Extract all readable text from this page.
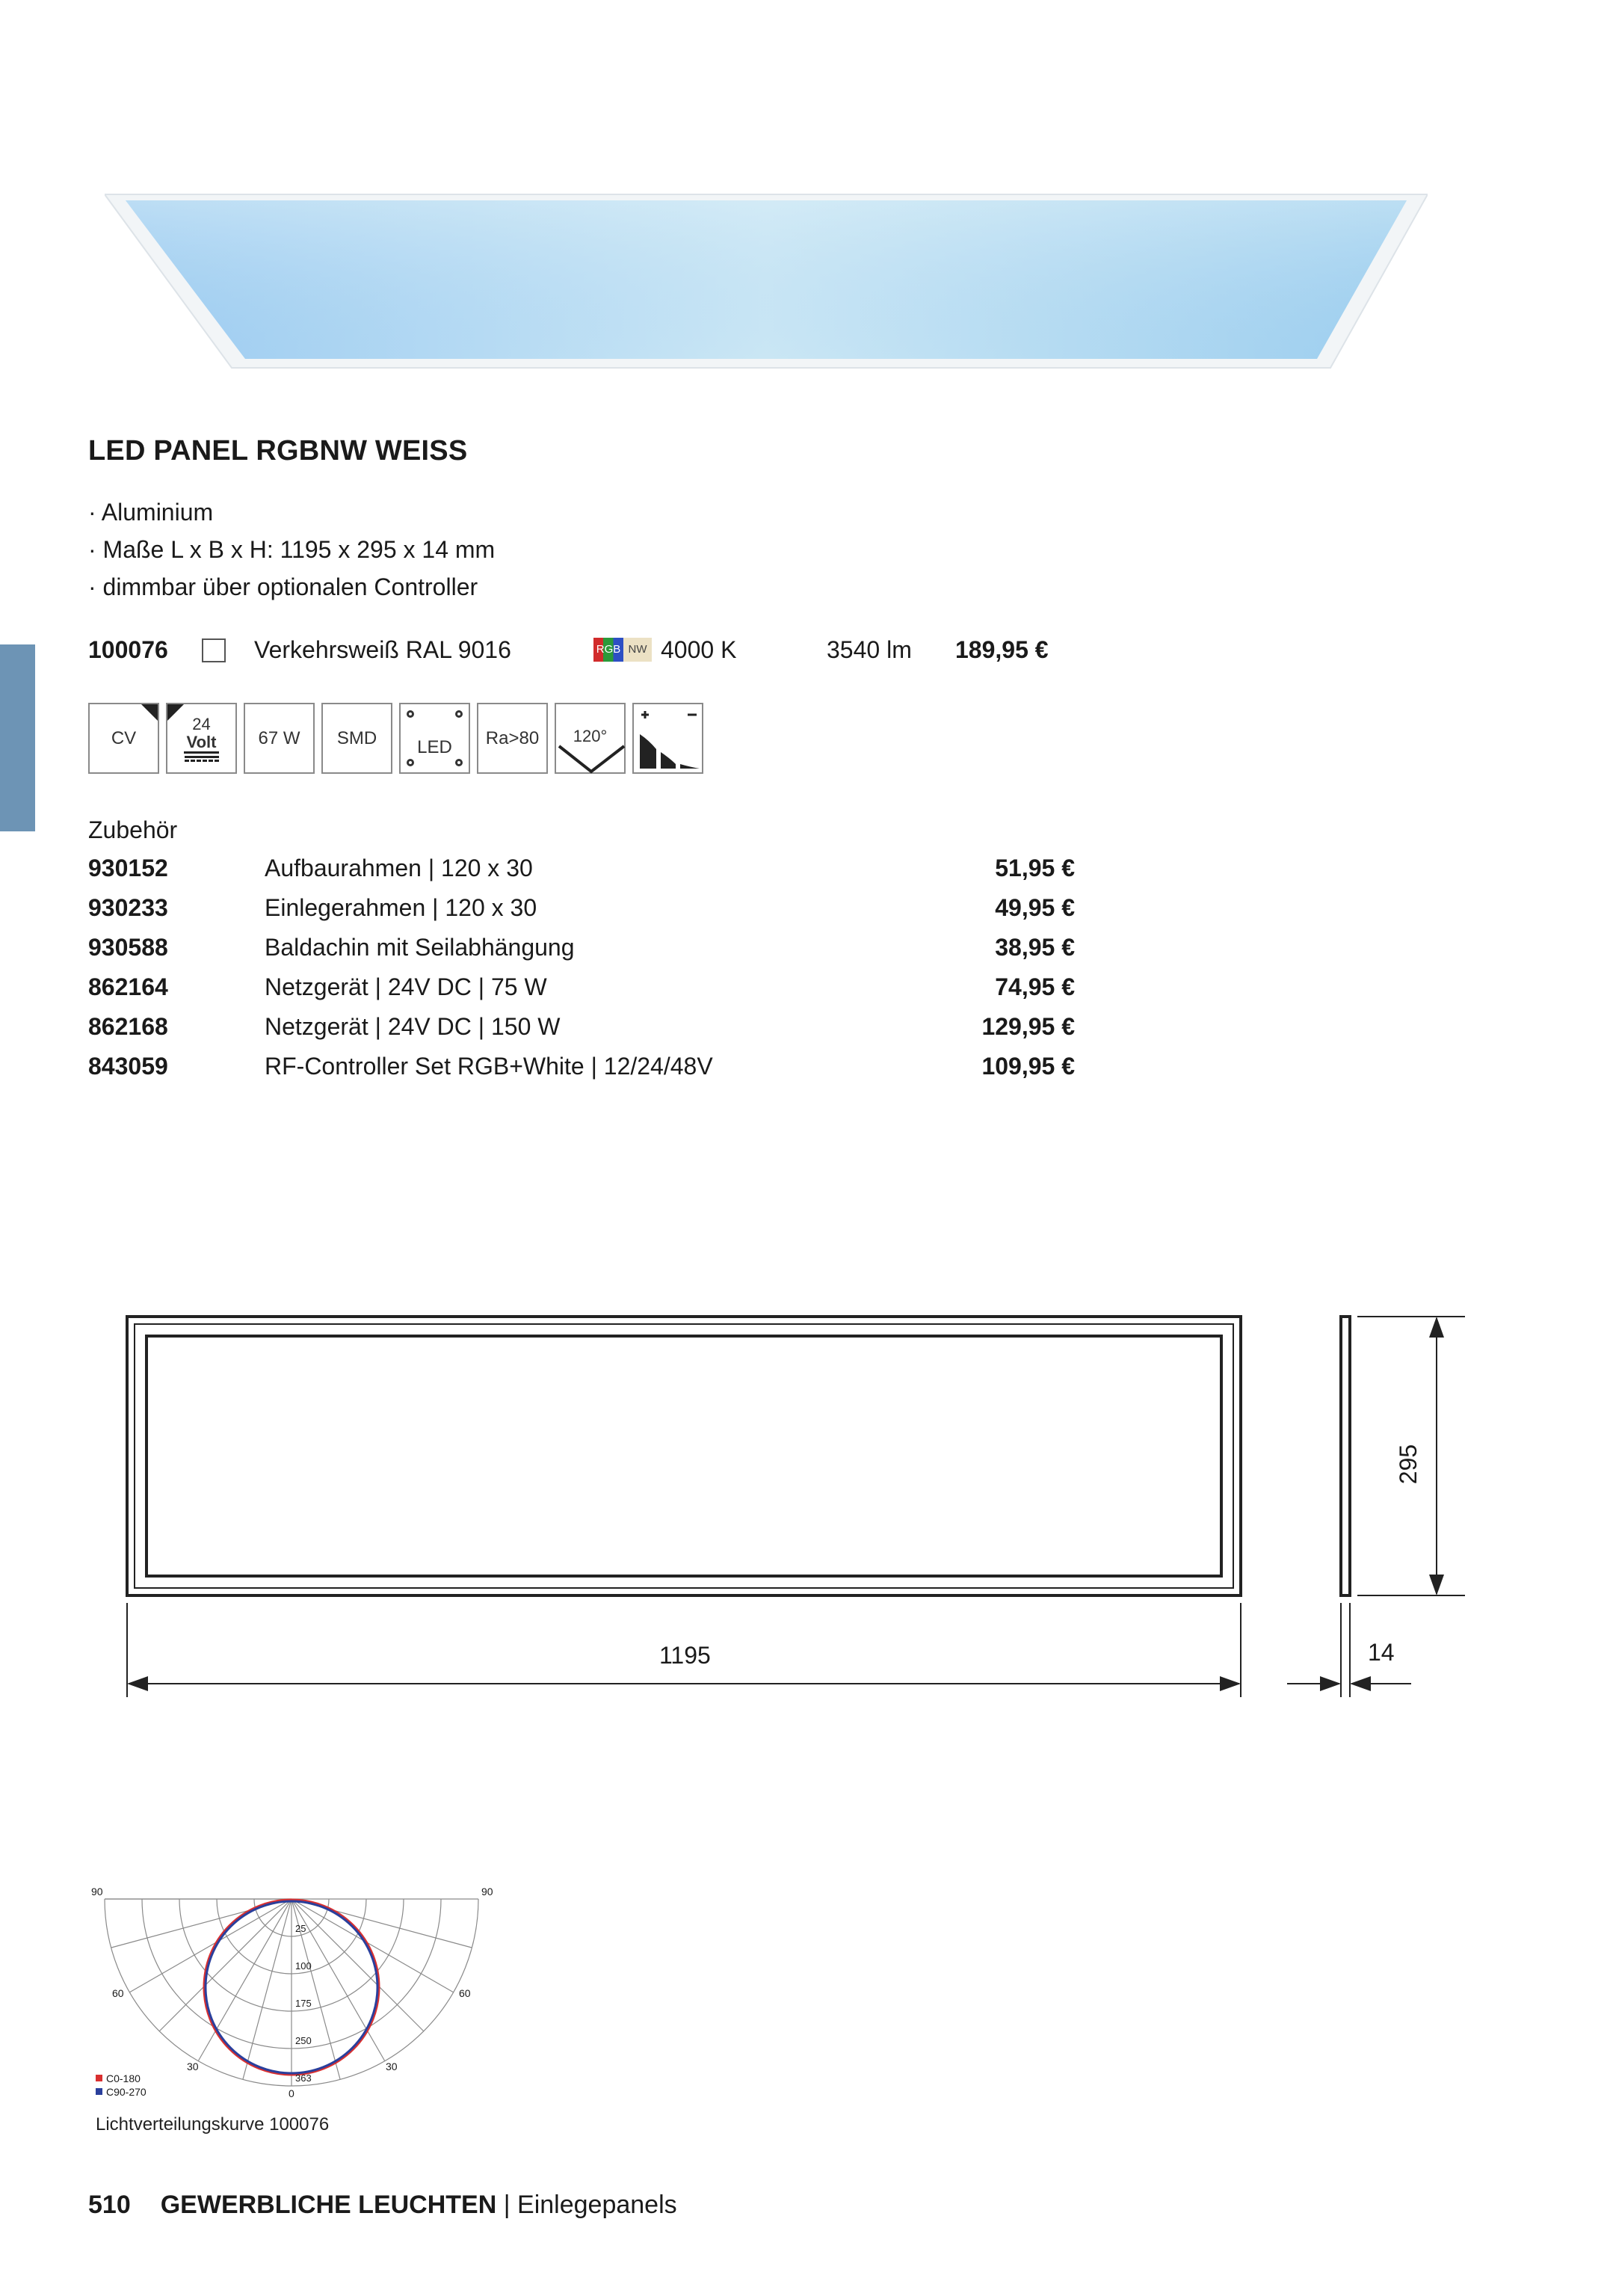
LED PANEL RGBNW WEISS
· Aluminium
· Maße L x B x H: 1195 x 295 x 14 mm
· dimmbar über optionalen Controller
100076	Verkehrsweiß RAL 9016	RGB NW 4000 K	3540 lm 189,95 €
CV
24
Volt 67 W SMD LED Ra>80	120°
Zubehör
930152	Aufbaurahmen | 120 x 30	51,95 €
930233	Einlegerahmen | 120 x 30	49,95 €
930588	Baldachin mit Seilabhängung	38,95 €
862164	Netzgerät | 24V DC | 75 W	74,95 €
862168	Netzgerät | 24V DC | 150 W	129,95 €
843059	RF-Controller Set RGB+White | 12/24/48V	109,95 €
1195
295
14
90	90
60	60
30	30
0
25
100
175
250
363
C0-180
C90-270
Lichtverteilungskurve 100076
510 GEWERBLICHE LEUCHTEN | Einlegepanels
